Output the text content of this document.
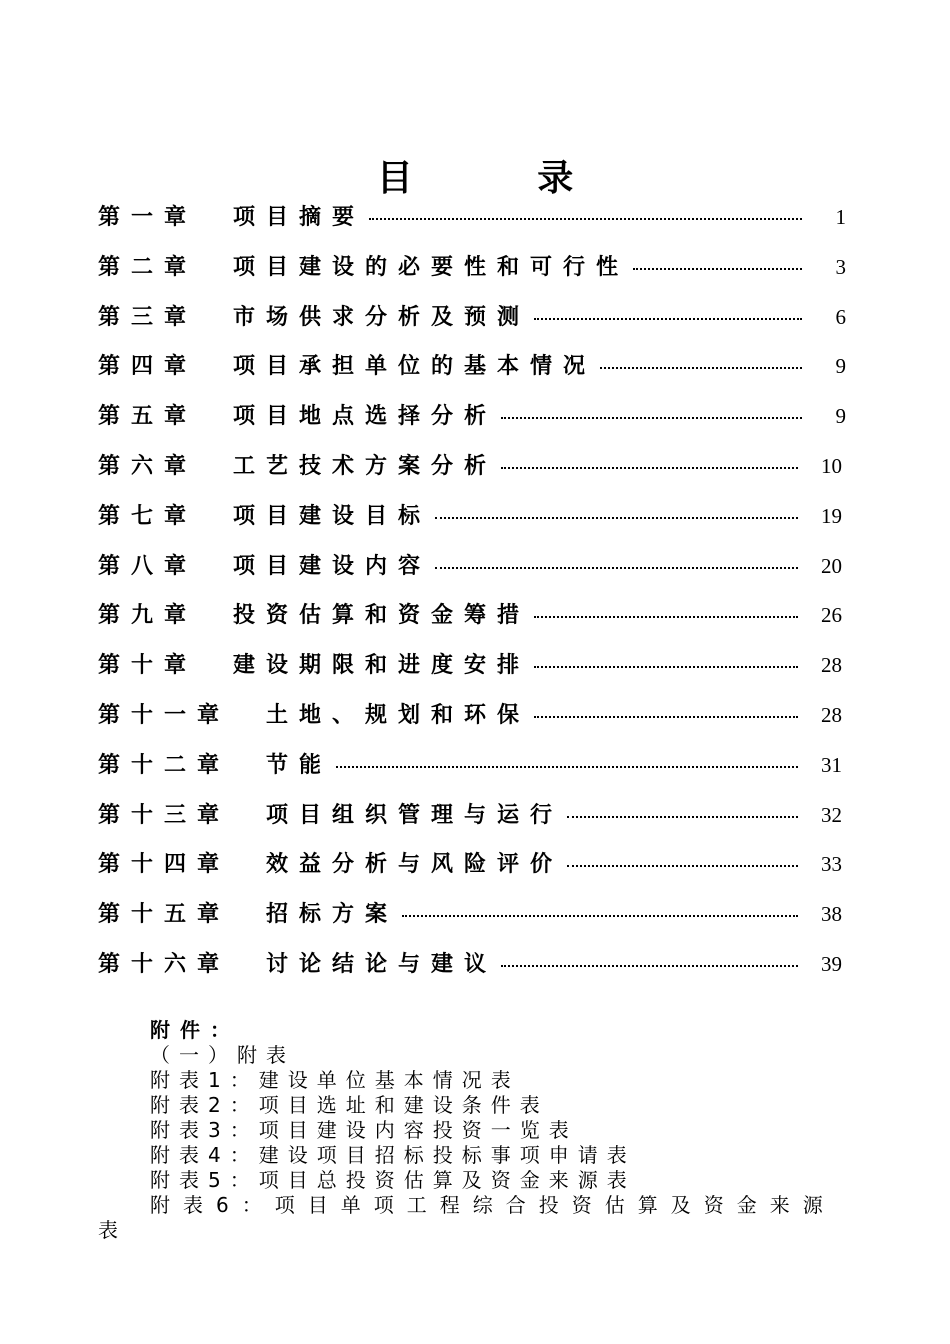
目 录
第一章 项目摘要	1
第二章 项目建设的必要性和可行性	3
第三章 市场供求分析及预测	6
第四章 项目承担单位的基本情况	9
第五章 项目地点选择分析	9
第六章 工艺技术方案分析	10
第七章 项目建设目标	19
第八章 项目建设内容	20
第九章 投资估算和资金筹措	26
第十章 建设期限和进度安排	28
第十一章 土地、规划和环保	28
第十二章 节能	31
第十三章 项目组织管理与运行	32
第十四章 效益分析与风险评价	33
第十五章 招标方案	38
第十六章 讨论结论与建议	39
附件：
（一）附表
附表1：建设单位基本情况表
附表2：项目选址和建设条件表
附表3：项目建设内容投资一览表
附表4：建设项目招标投标事项申请表
附表5：项目总投资估算及资金来源表
附表6：项目单项工程综合投资估算及资金来源
表
